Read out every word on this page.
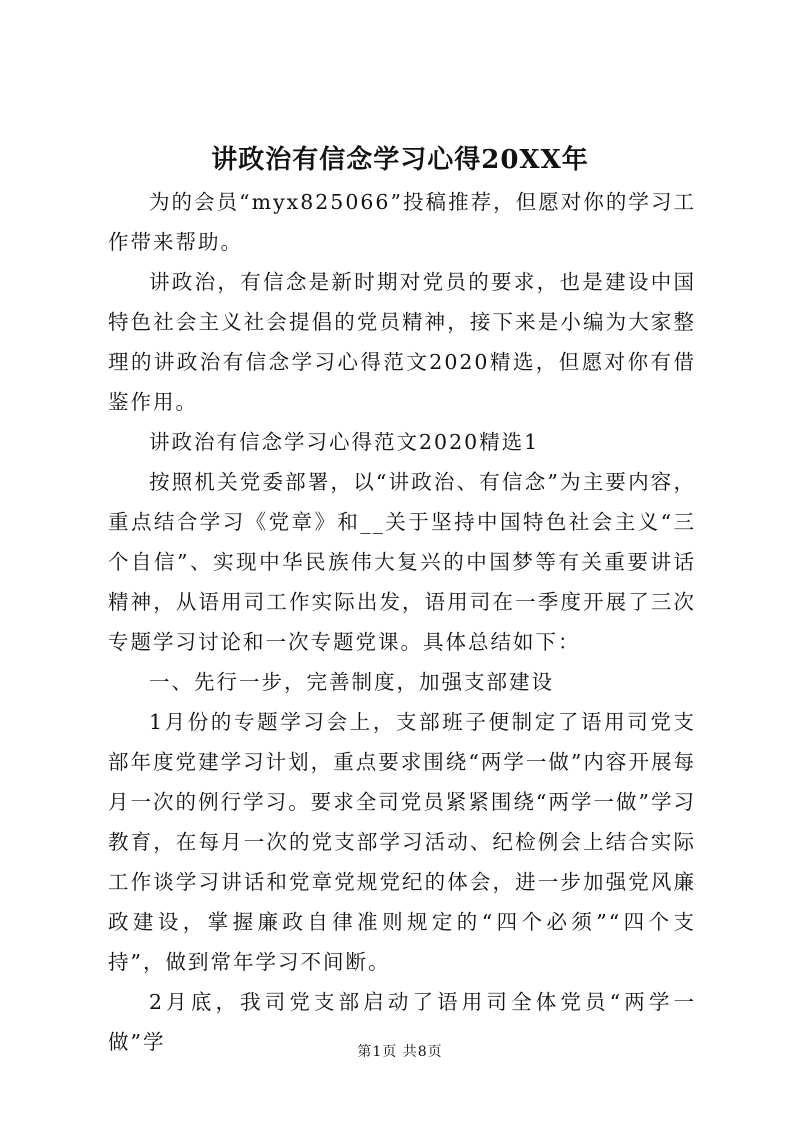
讲政治有信念学习心得20XX年

为的会员“myx825066”投稿推荐，但愿对你的学习工作带来帮助。

讲政治，有信念是新时期对党员的要求，也是建设中国特色社会主义社会提倡的党员精神，接下来是小编为大家整理的讲政治有信念学习心得范文2020精选，但愿对你有借鉴作用。

讲政治有信念学习心得范文2020精选1

按照机关党委部署，以“讲政治、有信念”为主要内容，重点结合学习《党章》和__关于坚持中国特色社会主义“三个自信”、实现中华民族伟大复兴的中国梦等有关重要讲话精神，从语用司工作实际出发，语用司在一季度开展了三次专题学习讨论和一次专题党课。具体总结如下：

一、先行一步，完善制度，加强支部建设

1月份的专题学习会上，支部班子便制定了语用司党支部年度党建学习计划，重点要求围绕“两学一做”内容开展每月一次的例行学习。要求全司党员紧紧围绕“两学一做”学习教育，在每月一次的党支部学习活动、纪检例会上结合实际工作谈学习讲话和党章党规党纪的体会，进一步加强党风廉政建设，掌握廉政自律准则规定的“四个必须”“四个支持”，做到常年学习不间断。

2月底，我司党支部启动了语用司全体党员“两学一做”学	第1页 共8页
